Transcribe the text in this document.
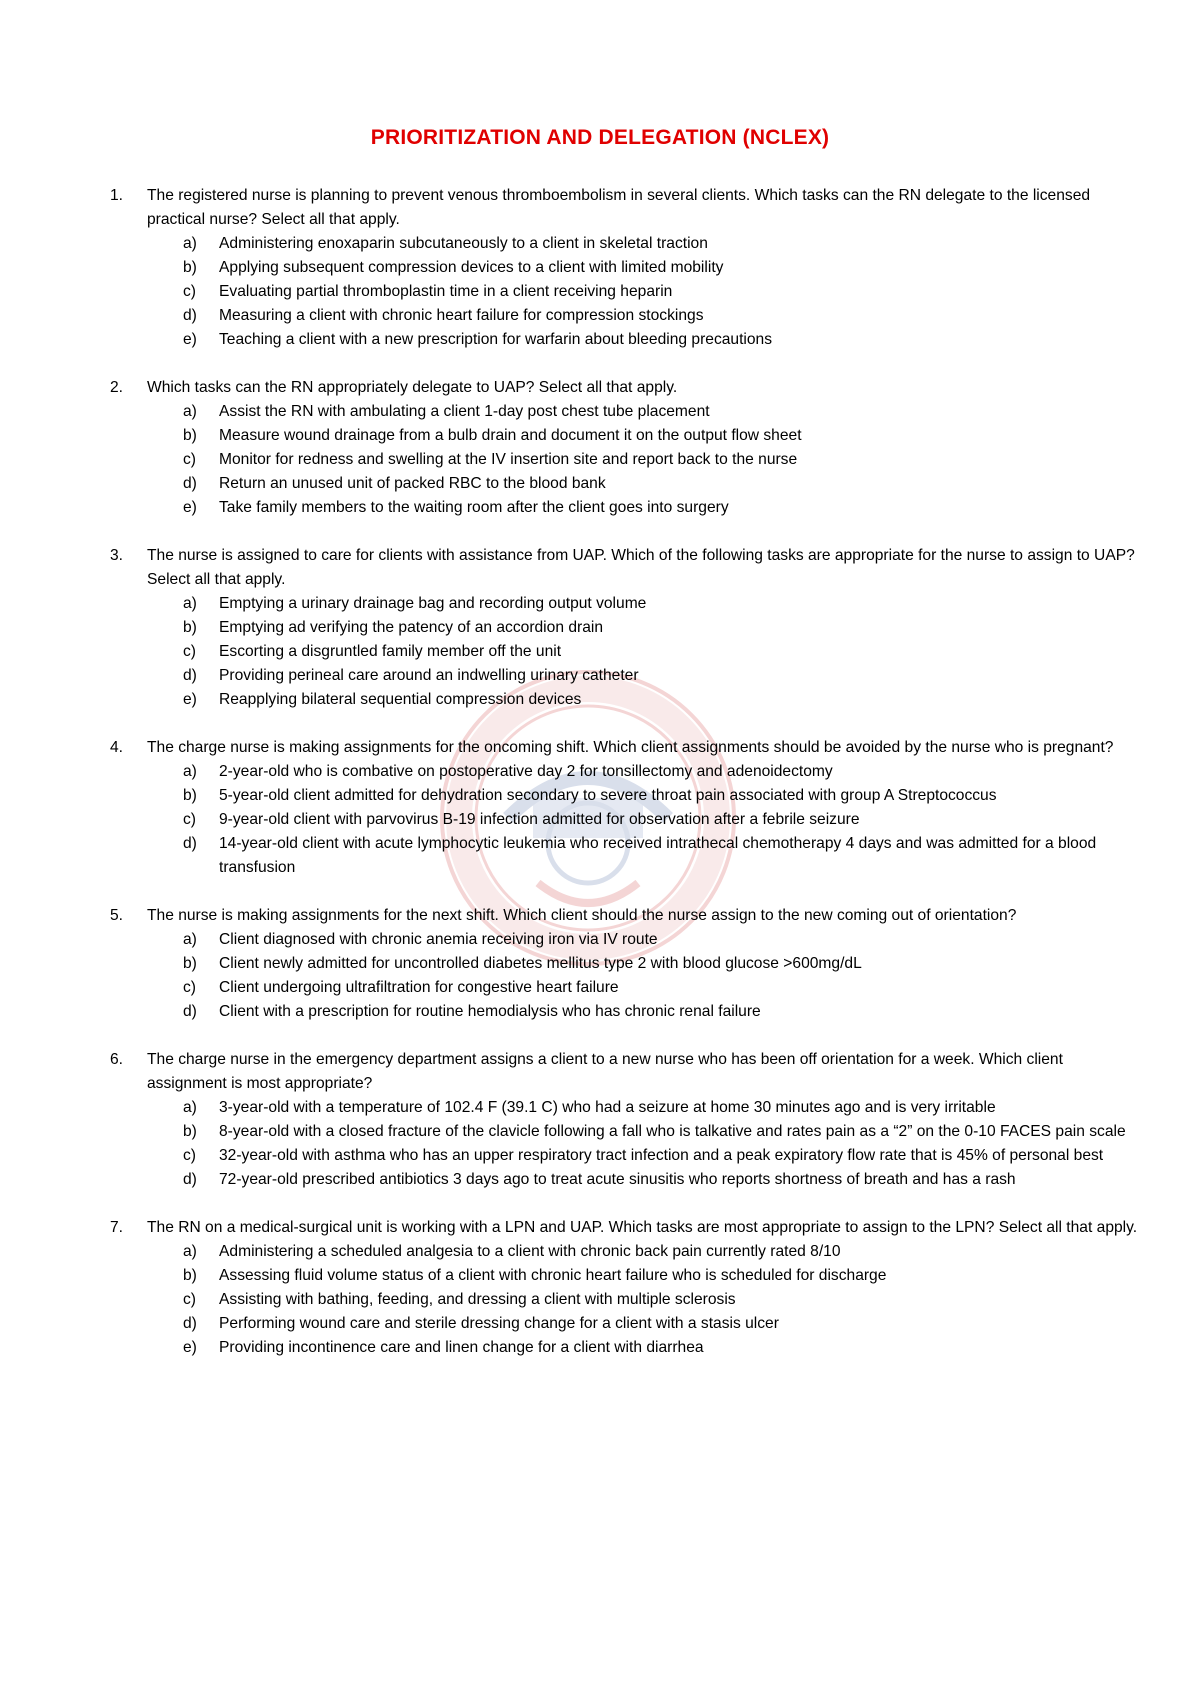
PRIORITIZATION AND DELEGATION (NCLEX)
1. The registered nurse is planning to prevent venous thromboembolism in several clients. Which tasks can the RN delegate to the licensed practical nurse? Select all that apply.
a) Administering enoxaparin subcutaneously to a client in skeletal traction
b) Applying subsequent compression devices to a client with limited mobility
c) Evaluating partial thromboplastin time in a client receiving heparin
d) Measuring a client with chronic heart failure for compression stockings
e) Teaching a client with a new prescription for warfarin about bleeding precautions
2. Which tasks can the RN appropriately delegate to UAP? Select all that apply.
a) Assist the RN with ambulating a client 1-day post chest tube placement
b) Measure wound drainage from a bulb drain and document it on the output flow sheet
c) Monitor for redness and swelling at the IV insertion site and report back to the nurse
d) Return an unused unit of packed RBC to the blood bank
e) Take family members to the waiting room after the client goes into surgery
3. The nurse is assigned to care for clients with assistance from UAP. Which of the following tasks are appropriate for the nurse to assign to UAP? Select all that apply.
a) Emptying a urinary drainage bag and recording output volume
b) Emptying ad verifying the patency of an accordion drain
c) Escorting a disgruntled family member off the unit
d) Providing perineal care around an indwelling urinary catheter
e) Reapplying bilateral sequential compression devices
4. The charge nurse is making assignments for the oncoming shift. Which client assignments should be avoided by the nurse who is pregnant?
a) 2-year-old who is combative on postoperative day 2 for tonsillectomy and adenoidectomy
b) 5-year-old client admitted for dehydration secondary to severe throat pain associated with group A Streptococcus
c) 9-year-old client with parvovirus B-19 infection admitted for observation after a febrile seizure
d) 14-year-old client with acute lymphocytic leukemia who received intrathecal chemotherapy 4 days and was admitted for a blood transfusion
5. The nurse is making assignments for the next shift. Which client should the nurse assign to the new coming out of orientation?
a) Client diagnosed with chronic anemia receiving iron via IV route
b) Client newly admitted for uncontrolled diabetes mellitus type 2 with blood glucose >600mg/dL
c) Client undergoing ultrafiltration for congestive heart failure
d) Client with a prescription for routine hemodialysis who has chronic renal failure
6. The charge nurse in the emergency department assigns a client to a new nurse who has been off orientation for a week. Which client assignment is most appropriate?
a) 3-year-old with a temperature of 102.4 F (39.1 C) who had a seizure at home 30 minutes ago and is very irritable
b) 8-year-old with a closed fracture of the clavicle following a fall who is talkative and rates pain as a “2” on the 0-10 FACES pain scale
c) 32-year-old with asthma who has an upper respiratory tract infection and a peak expiratory flow rate that is 45% of personal best
d) 72-year-old prescribed antibiotics 3 days ago to treat acute sinusitis who reports shortness of breath and has a rash
7. The RN on a medical-surgical unit is working with a LPN and UAP. Which tasks are most appropriate to assign to the LPN? Select all that apply.
a) Administering a scheduled analgesia to a client with chronic back pain currently rated 8/10
b) Assessing fluid volume status of a client with chronic heart failure who is scheduled for discharge
c) Assisting with bathing, feeding, and dressing a client with multiple sclerosis
d) Performing wound care and sterile dressing change for a client with a stasis ulcer
e) Providing incontinence care and linen change for a client with diarrhea
